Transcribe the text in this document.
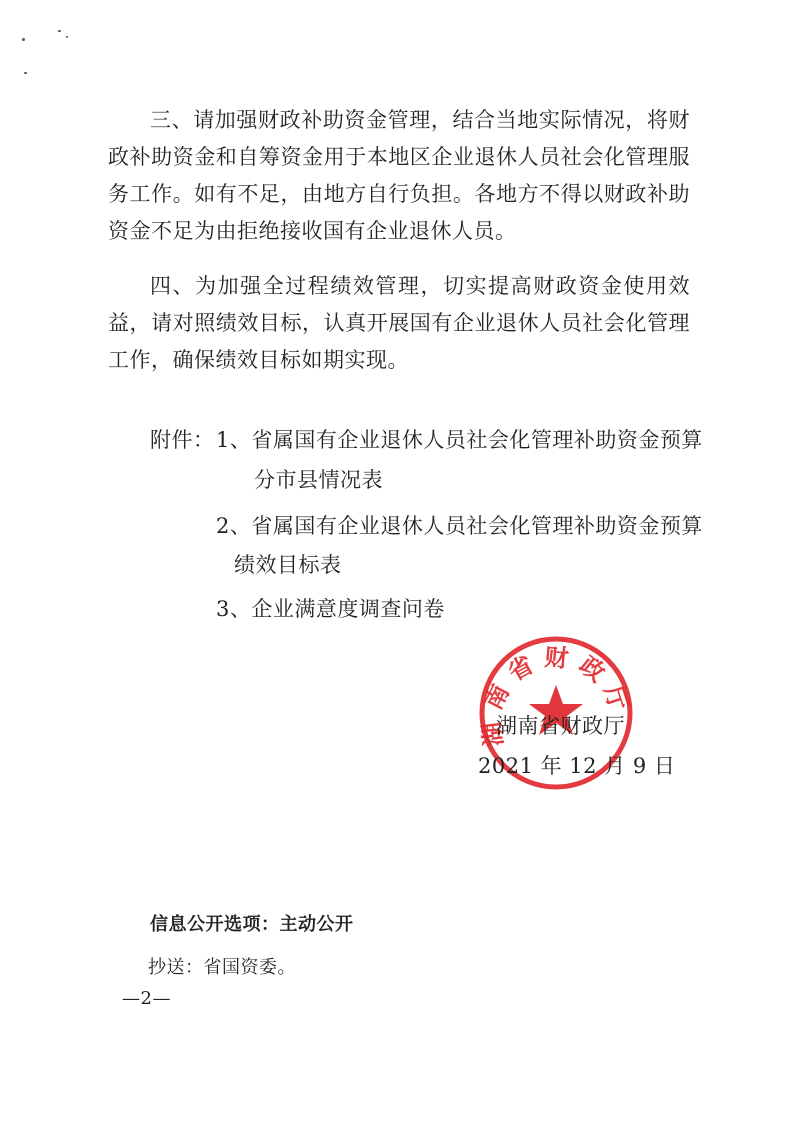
三、请加强财政补助资金管理，结合当地实际情况，将财政补助资金和自筹资金用于本地区企业退休人员社会化管理服务工作。如有不足，由地方自行负担。各地方不得以财政补助资金不足为由拒绝接收国有企业退休人员。

四、为加强全过程绩效管理，切实提高财政资金使用效益，请对照绩效目标，认真开展国有企业退休人员社会化管理工作，确保绩效目标如期实现。

附件： 1、省属国有企业退休人员社会化管理补助资金预算
分市县情况表
2、省属国有企业退休人员社会化管理补助资金预算
绩效目标表
3、企业满意度调查问卷
湖南省财政厅
湖南省财政厅
2021 年 12 月 9 日
信息公开选项：主动公开
抄送：省国资委。
—2—
